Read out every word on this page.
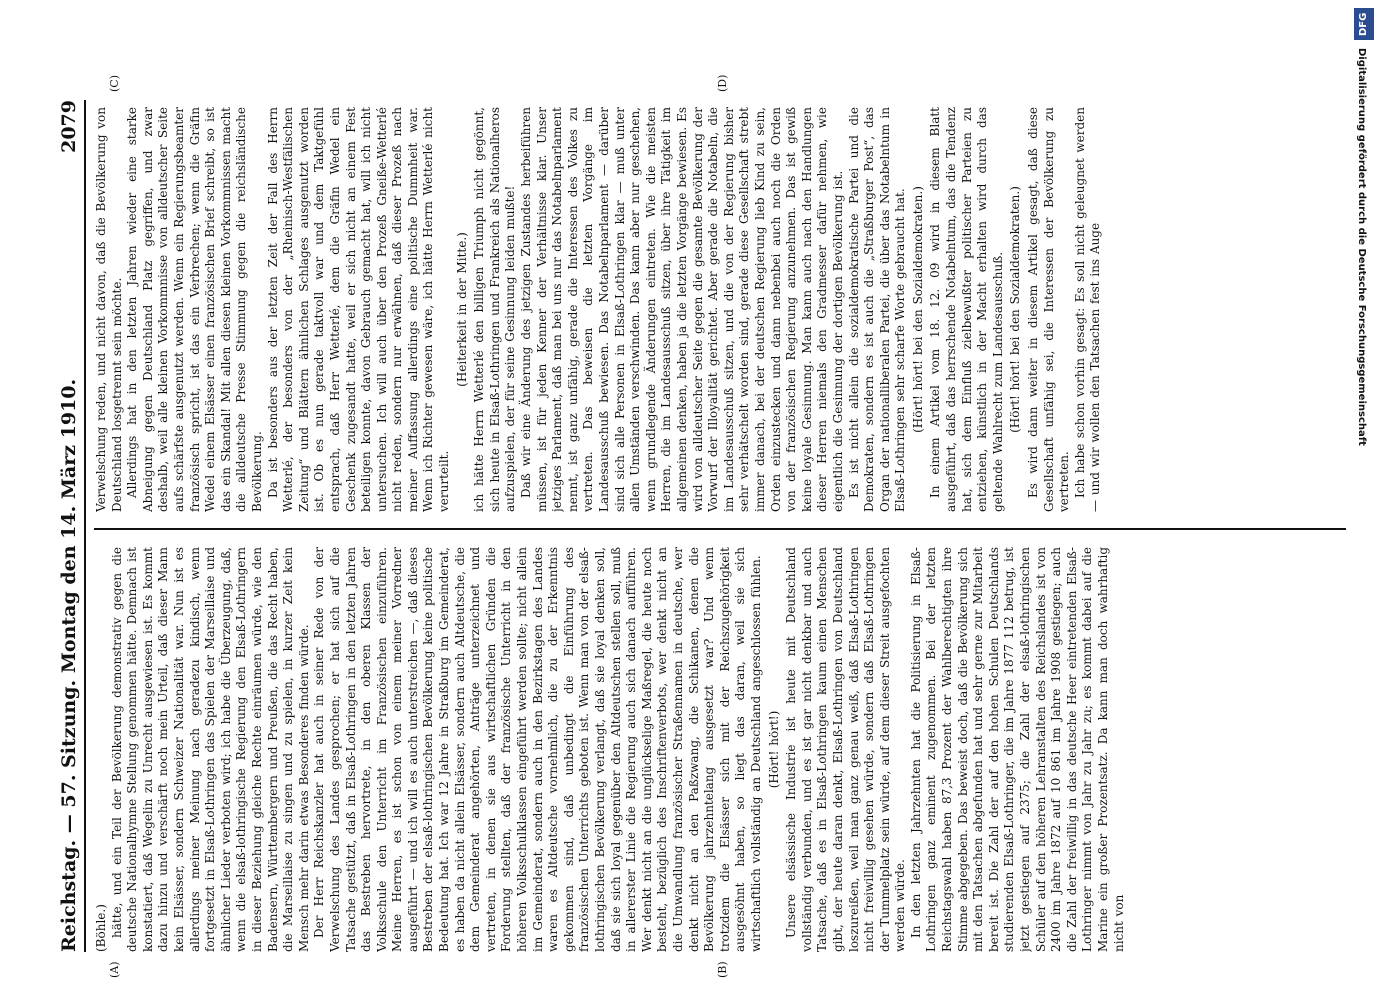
Reichstag. — 57. Sitzung.
Montag den 14. März 1910.
2079
(A)	(B)
(C)	(D)

(Böhle.) hätte, und ein Teil der Bevölkerung demonstrativ gegen die deutsche Nationalhymne Stellung genommen hätte. Demnach ist konstatiert, daß Wegelin zu Unrecht ausgewiesen ist. Es kommt dazu hinzu und verschärft noch mein Urteil, daß dieser Mann kein Elsässer, sondern Schweizer Nationalität war. Nun ist es allerdings meiner Meinung nach geradezu kindisch, wenn fortgesetzt in Elsaß-Lothringen das Spielen der Marseillaise und ähnlicher Lieder verboten wird; ich habe die Überzeugung, daß, wenn die elsaß-lothringische Regierung den Elsaß-Lothringern in dieser Beziehung gleiche Rechte einräumen würde, wie den Badensern, Württembergern und Preußen, die das Recht haben, die Marseillaise zu singen und zu spielen, in kurzer Zeit kein Mensch mehr darin etwas Besonderes finden würde. Der Herr Reichskanzler hat auch in seiner Rede von der Verwelschung des Landes gesprochen; er hat sich auf die Tatsache gestützt, daß in Elsaß-Lothringen in den letzten Jahren das Bestreben hervortrete, in den oberen Klassen der Volksschule den Unterricht im Französischen einzuführen. Meine Herren, es ist schon von einem meiner Vorredner ausgeführt — und ich will es auch unterstreichen —, daß dieses Bestreben der elsaß-lothringischen Bevölkerung keine politische Bedeutung hat. Ich war 12 Jahre in Straßburg im Gemeinderat, es haben da nicht allein Elsässer, sondern auch Altdeutsche, die dem Gemeinderat angehörten, Anträge unterzeichnet und vertreten, in denen sie aus wirtschaftlichen Gründen die Forderung stellten, daß der französische Unterricht in den höheren Volksschulklassen eingeführt werden sollte; nicht allein im Gemeinderat, sondern auch in den Bezirkstagen des Landes waren es Altdeutsche vornehmlich, die zu der Erkenntnis gekommen sind, daß unbedingt die Einführung des französischen Unterrichts geboten ist. Wenn man von der elsaß-lothringischen Bevölkerung verlangt, daß sie loyal denken soll, daß sie sich loyal gegenüber den Altdeutschen stellen soll, muß in allererster Linie die Regierung auch sich danach aufführen. Wer denkt nicht an die unglückselige Maßregel, die heute noch besteht, bezüglich des Inschriftenverbots, wer denkt nicht an die Umwandlung französischer Straßennamen in deutsche, wer denkt nicht an den Paßzwang, die Schikanen, denen die Bevölkerung jahrzehntelang ausgesetzt war? Und wenn trotzdem die Elsässer sich mit der Reichszugehörigkeit ausgesöhnt haben, so liegt das daran, weil sie sich wirtschaftlich vollständig an Deutschland angeschlossen fühlen. (Hört! hört!) Unsere elsässische Industrie ist heute mit Deutschland vollständig verbunden, und es ist gar nicht denkbar und auch Tatsache, daß es in Elsaß-Lothringen kaum einen Menschen gibt, der heute daran denkt, Elsaß-Lothringen von Deutschland loszureißen, weil man ganz genau weiß, daß Elsaß-Lothringen nicht freiwillig gesehen würde, sondern daß Elsaß-Lothringen der Tummelplatz sein würde, auf dem dieser Streit ausgefochten werden würde. In den letzten Jahrzehnten hat die Politisierung in Elsaß-Lothringen ganz eminent zugenommen. Bei der letzten Reichstagswahl haben 87,3 Prozent der Wahlberechtigten ihre Stimme abgegeben. Das beweist doch, daß die Bevölkerung sich mit den Tatsachen abgefunden hat und sehr gerne zur Mitarbeit bereit ist. Die Zahl der auf den hohen Schulen Deutschlands studierenden Elsaß-Lothringer, die im Jahre 1877 112 betrug, ist jetzt gestiegen auf 2375; die Zahl der elsaß-lothringischen Schüler auf den höheren Lehranstalten des Reichslandes ist von 2400 im Jahre 1872 auf 10 861 im Jahre 1908 gestiegen; auch die Zahl der freiwillig in das deutsche Heer eintretenden Elsaß-Lothringer nimmt von Jahr zu Jahr zu; es kommt dabei auf die Marine ein großer Prozentsatz. Da kann man doch wahrhaftig nicht von

Verwelschung reden, und nicht davon, daß die Bevölkerung von Deutschland losgetrennt sein möchte. Allerdings hat in den letzten Jahren wieder eine starke Abneigung gegen Deutschland Platz gegriffen, und zwar deshalb, weil alle kleinen Vorkommnisse von alldeutscher Seite aufs schärfste ausgenutzt werden. Wenn ein Regierungsbeamter französisch spricht, ist das ein Verbrechen; wenn die Gräfin Wedel einem Elsässer einen französischen Brief schreibt, so ist das ein Skandal! Mit allen diesen kleinen Vorkommnissen macht die alldeutsche Presse Stimmung gegen die reichsländische Bevölkerung. Da ist besonders aus der letzten Zeit der Fall des Herrn Wetterlé, der besonders von der „Rheinisch-Westfälischen Zeitung“ und Blättern ähnlichen Schlages ausgenutzt worden ist. Ob es nun gerade taktvoll war und dem Taktgefühl entsprach, daß Herr Wetterlé, dem die Gräfin Wedel ein Geschenk zugesandt hatte, weil er sich nicht an einem Fest beteiligen konnte, davon Gebrauch gemacht hat, will ich nicht untersuchen. Ich will auch über den Prozeß Gneiße-Wetterlé nicht reden, sondern nur erwähnen, daß dieser Prozeß nach meiner Auffassung allerdings eine politische Dummheit war. Wenn ich Richter gewesen wäre, ich hätte Herrn Wetterlé nicht verurteilt.

(Heiterkeit in der Mitte.) ich hätte Herrn Wetterlé den billigen Triumph nicht gegönnt, sich heute in Elsaß-Lothringen und Frankreich als Nationalheros aufzuspielen, der für seine Gesinnung leiden mußte! Daß wir eine Änderung des jetzigen Zustandes herbeiführen müssen, ist für jeden Kenner der Verhältnisse klar. Unser jetziges Parlament, daß man bei uns nur das Notabelnparlament nennt, ist ganz unfähig, gerade die Interessen des Volkes zu vertreten. Das beweisen die letzten Vorgänge im Landesausschuß bewiesen. Das Notabelnparlament — darüber sind sich alle Personen in Elsaß-Lothringen klar — muß unter allen Umständen verschwinden. Das kann aber nur geschehen, wenn grundlegende Änderungen eintreten. Wie die meisten Herren, die im Landesausschuß sitzen, über ihre Tätigkeit im allgemeinen denken, haben ja die letzten Vorgänge bewiesen. Es wird von alldeutscher Seite gegen die gesamte Bevölkerung der Vorwurf der Illoyalität gerichtet. Aber gerade die Notabeln, die im Landesausschuß sitzen, und die von der Regierung bisher sehr verhätschelt worden sind, gerade diese Gesellschaft strebt immer danach, bei der deutschen Regierung lieb Kind zu sein, Orden einzustecken und dann nebenbei auch noch die Orden von der französischen Regierung anzunehmen. Das ist gewiß keine loyale Gesinnung. Man kann auch nach den Handlungen dieser Herren niemals den Gradmesser dafür nehmen, wie eigentlich die Gesinnung der dortigen Bevölkerung ist. Es ist nicht allein die sozialdemokratische Partei und die Demokraten, sondern es ist auch die „Straßburger Post“, das Organ der nationalliberalen Partei, die über das Notabelntum in Elsaß-Lothringen sehr scharfe Worte gebraucht hat. (Hört! hört! bei den Sozialdemokraten.) In einem Artikel vom 18. 12. 09 wird in diesem Blatt ausgeführt, daß das herrschende Notabelntum, das die Tendenz hat, sich dem Einfluß zielbewußter politischer Parteien zu entziehen, künstlich in der Macht erhalten wird durch das geltende Wahlrecht zum Landesausschuß. (Hört! hört! bei den Sozialdemokraten.) Es wird dann weiter in diesem Artikel gesagt, daß diese Gesellschaft unfähig sei, die Interessen der Bevölkerung zu vertreten. Ich habe schon vorhin gesagt: Es soll nicht geleugnet werden — und wir wollen den Tatsachen fest ins Auge

DFG
Digitalisierung gefördert durch die Deutsche Forschungsgemeinschaft
